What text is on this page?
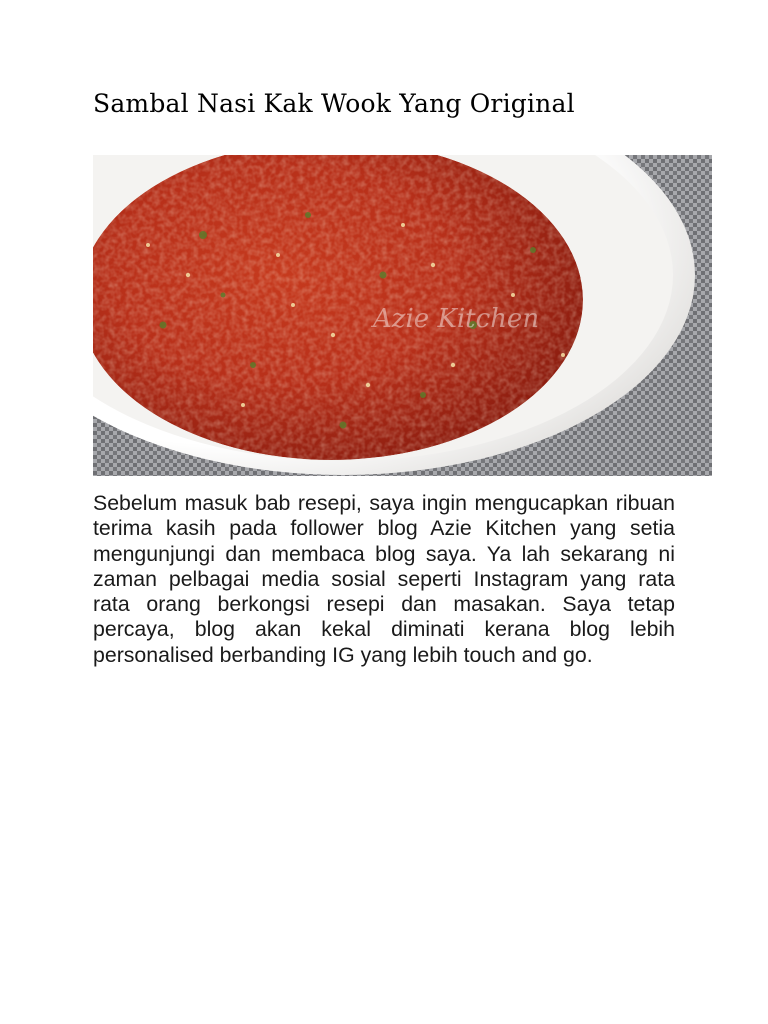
Sambal Nasi Kak Wook Yang Original
Azie Kitchen

Sebelum masuk bab resepi, saya ingin mengucapkan ribuan terima kasih pada follower blog Azie Kitchen yang setia mengunjungi dan membaca blog saya. Ya lah sekarang ni zaman pelbagai media sosial seperti Instagram yang rata rata orang berkongsi resepi dan masakan. Saya tetap percaya, blog akan kekal diminati kerana blog lebih personalised berbanding IG yang lebih touch and go.
